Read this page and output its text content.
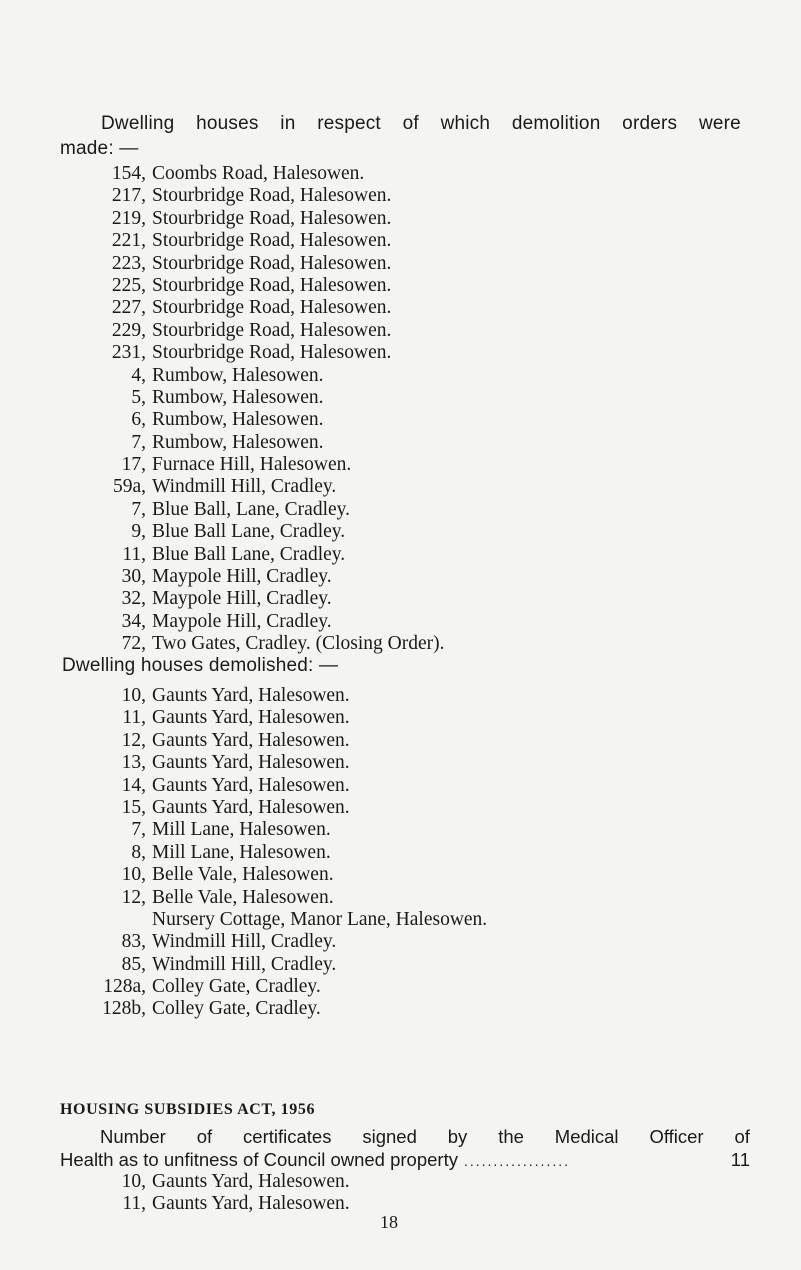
Dwelling houses in respect of which demolition orders were
made: —
154, Coombs Road, Halesowen.
217, Stourbridge Road, Halesowen.
219, Stourbridge Road, Halesowen.
221, Stourbridge Road, Halesowen.
223, Stourbridge Road, Halesowen.
225, Stourbridge Road, Halesowen.
227, Stourbridge Road, Halesowen.
229, Stourbridge Road, Halesowen.
231, Stourbridge Road, Halesowen.
4, Rumbow, Halesowen.
5, Rumbow, Halesowen.
6, Rumbow, Halesowen.
7, Rumbow, Halesowen.
17, Furnace Hill, Halesowen.
59a, Windmill Hill, Cradley.
7, Blue Ball, Lane, Cradley.
9, Blue Ball Lane, Cradley.
11, Blue Ball Lane, Cradley.
30, Maypole Hill, Cradley.
32, Maypole Hill, Cradley.
34, Maypole Hill, Cradley.
72, Two Gates, Cradley. (Closing Order).
Dwelling houses demolished: —
10, Gaunts Yard, Halesowen.
11, Gaunts Yard, Halesowen.
12, Gaunts Yard, Halesowen.
13, Gaunts Yard, Halesowen.
14, Gaunts Yard, Halesowen.
15, Gaunts Yard, Halesowen.
7, Mill Lane, Halesowen.
8, Mill Lane, Halesowen.
10, Belle Vale, Halesowen.
12, Belle Vale, Halesowen.
Nursery Cottage, Manor Lane, Halesowen.
83, Windmill Hill, Cradley.
85, Windmill Hill, Cradley.
128a, Colley Gate, Cradley.
128b, Colley Gate, Cradley.
HOUSING SUBSIDIES ACT, 1956
Number of certificates signed by the Medical Officer of
Health as to unfitness of Council owned property ..................	11
10, Gaunts Yard, Halesowen.
11, Gaunts Yard, Halesowen.
18
